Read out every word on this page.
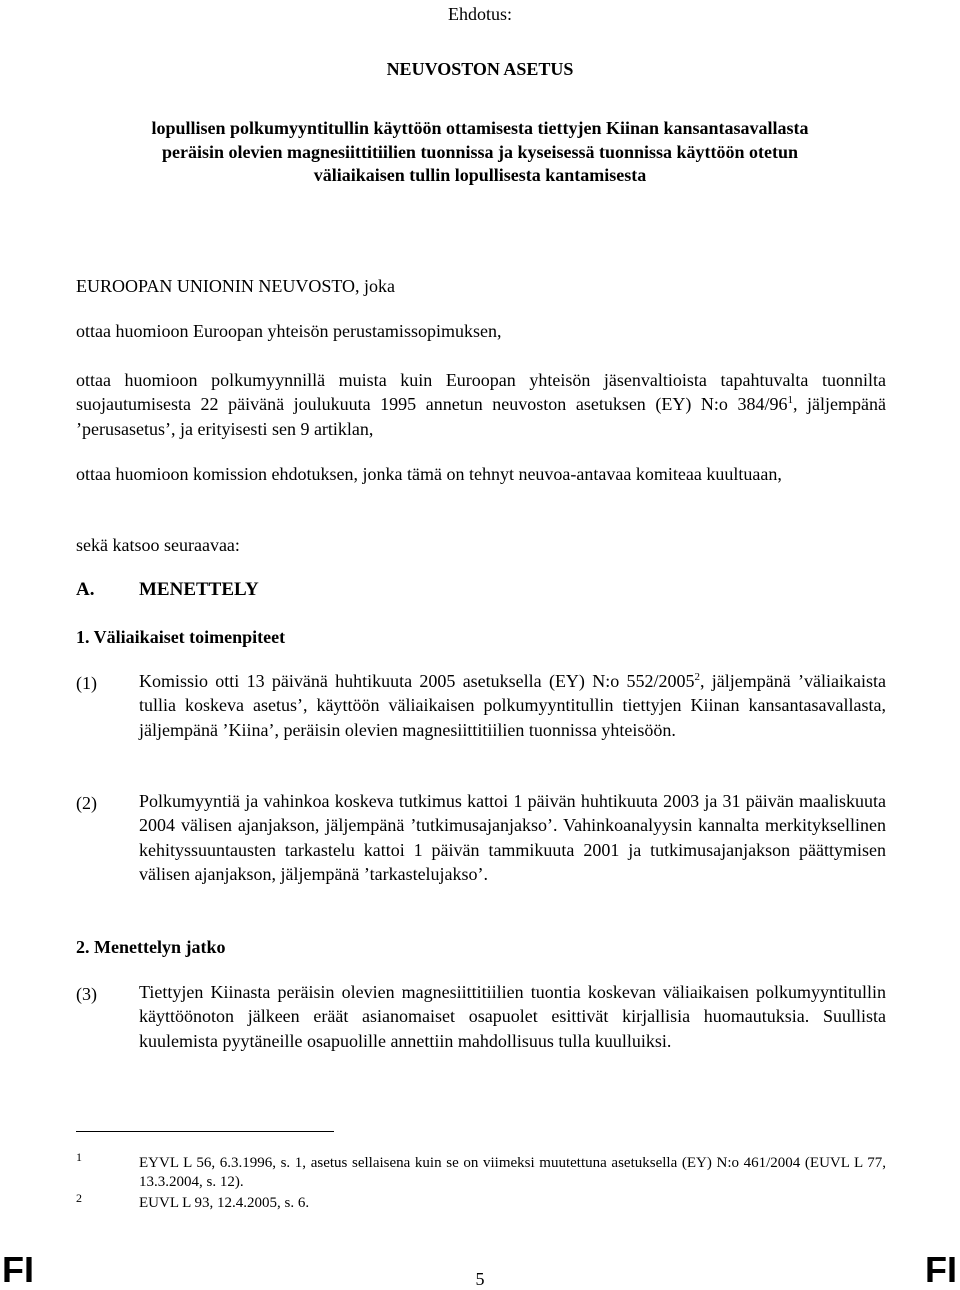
Ehdotus:
NEUVOSTON ASETUS
lopullisen polkumyyntitullin käyttöön ottamisesta tiettyjen Kiinan kansantasavallasta
peräisin olevien magnesiittitiilien tuonnissa ja kyseisessä tuonnissa käyttöön otetun
väliaikaisen tullin lopullisesta kantamisesta
EUROOPAN UNIONIN NEUVOSTO, joka
ottaa huomioon Euroopan yhteisön perustamissopimuksen,
ottaa huomioon polkumyynnillä muista kuin Euroopan yhteisön jäsenvaltioista tapahtuvalta tuonnilta suojautumisesta 22 päivänä joulukuuta 1995 annetun neuvoston asetuksen (EY) N:o $384/96^1$, jäljempänä ’perusasetus’, ja erityisesti sen 9 artiklan,
ottaa huomioon komission ehdotuksen, jonka tämä on tehnyt neuvoa-antavaa komiteaa kuultuaan,
sekä katsoo seuraavaa:
A. MENETTELY
1. Väliaikaiset toimenpiteet
(1) Komissio otti 13 päivänä huhtikuuta 2005 asetuksella (EY) N:o 552/2005$^2$, jäljempänä ’väliaikaista tullia koskeva asetus’, käyttöön väliaikaisen polkumyyntitullin tiettyjen Kiinan kansantasavallasta, jäljempänä ’Kiina’, peräisin olevien magnesiittitiilien tuonnissa yhteisöön.
(2) Polkumyyntiä ja vahinkoa koskeva tutkimus kattoi 1 päivän huhtikuuta 2003 ja 31 päivän maaliskuuta 2004 välisen ajanjakson, jäljempänä ’tutkimusajanjakso’. Vahinkoanalyysin kannalta merkityksellinen kehityssuuntausten tarkastelu kattoi 1 päivän tammikuuta 2001 ja tutkimusajanjakson päättymisen välisen ajanjakson, jäljempänä ’tarkastelujakso’.
2. Menettelyn jatko
(3) Tiettyjen Kiinasta peräisin olevien magnesiittitiilien tuontia koskevan väliaikaisen polkumyyntitullin käyttöönoton jälkeen eräät asianomaiset osapuolet esittivät kirjallisia huomautuksia. Suullista kuulemista pyytäneille osapuolille annettiin mahdollisuus tulla kuulluiksi.
1	EYVL L 56, 6.3.1996, s. 1, asetus sellaisena kuin se on viimeksi muutettuna asetuksella (EY) N:o 461/2004 (EUVL L 77, 13.3.2004, s. 12).
2	EUVL L 93, 12.4.2005, s. 6.
FI	5	FI
